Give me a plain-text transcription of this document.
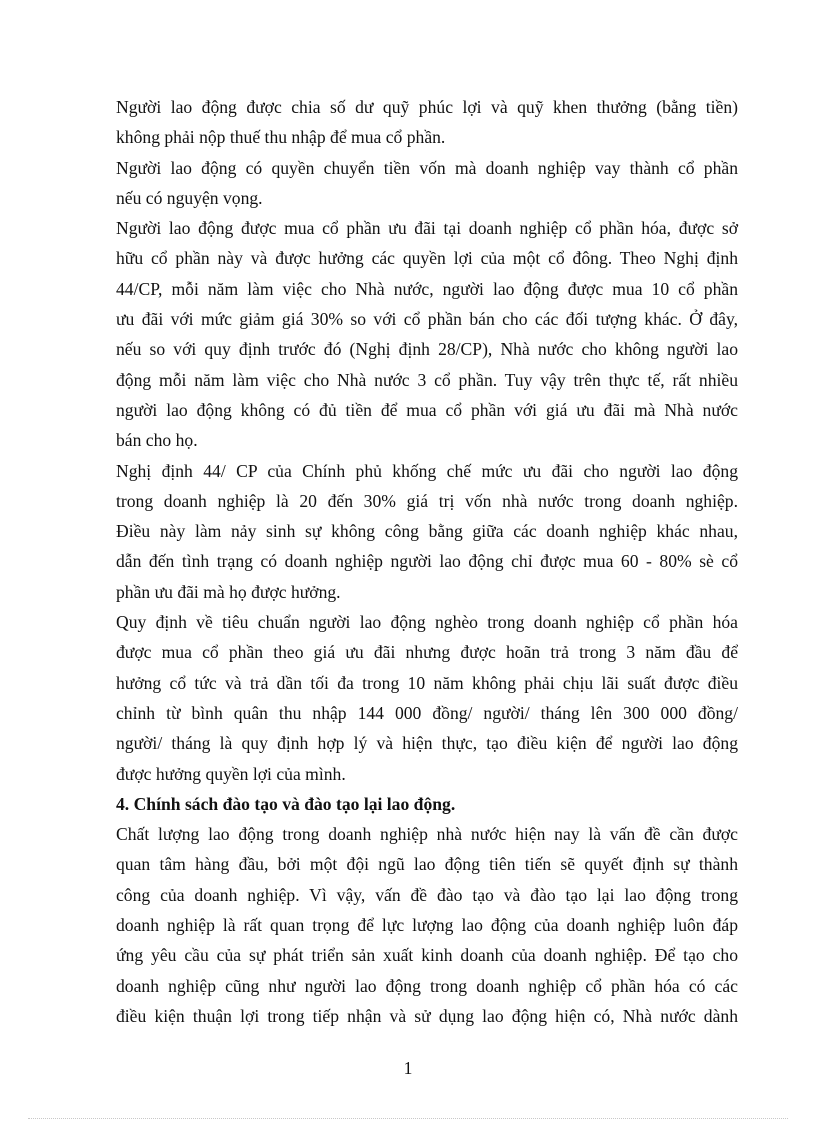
Người lao động được chia số dư quỹ phúc lợi và quỹ khen thưởng (bằng tiền)
không phải nộp thuế thu nhập để mua cổ phần.

Người lao động có quyền chuyển tiền vốn mà doanh nghiệp vay thành cổ phần
nếu có nguyện vọng.

Người lao động được mua cổ phần ưu đãi tại doanh nghiệp cổ phần hóa, được sở
hữu cổ phần này và được hưởng các quyền lợi của một cổ đông. Theo Nghị định
44/CP, mỗi năm làm việc cho Nhà nước, người lao động được mua 10 cổ phần
ưu đãi với mức giảm giá 30% so với cổ phần bán cho các đối tượng khác. Ở đây,
nếu so với quy định trước đó (Nghị định 28/CP), Nhà nước cho không người lao
động mỗi năm làm việc cho Nhà nước 3 cổ phần. Tuy vậy trên thực tế, rất nhiều
người lao động không có đủ tiền để mua cổ phần với giá ưu đãi mà Nhà nước
bán cho họ.

Nghị định 44/ CP của Chính phủ khống chế mức ưu đãi cho người lao động
trong doanh nghiệp là 20 đến 30% giá trị vốn nhà nước trong doanh nghiệp.
Điều này làm nảy sinh sự không công bằng giữa các doanh nghiệp khác nhau,
dẫn đến tình trạng có doanh nghiệp người lao động chỉ được mua 60 - 80% sè cổ
phần ưu đãi mà họ được hưởng.

Quy định về tiêu chuẩn người lao động nghèo trong doanh nghiệp cổ phần hóa
được mua cổ phần theo giá ưu đãi nhưng được hoãn trả trong 3 năm đầu để
hưởng cổ tức và trả dần tối đa trong 10 năm không phải chịu lãi suất được điều
chỉnh từ bình quân thu nhập 144 000 đồng/ người/ tháng lên 300 000 đồng/
người/ tháng là quy định hợp lý và hiện thực, tạo điều kiện để người lao động
được hưởng quyền lợi của mình.

4. Chính sách đào tạo và đào tạo lại lao động.

Chất lượng lao động trong doanh nghiệp nhà nước hiện nay là vấn đề cần được
quan tâm hàng đầu, bởi một đội ngũ lao động tiên tiến sẽ quyết định sự thành
công của doanh nghiệp. Vì vậy, vấn đề đào tạo và đào tạo lại lao động trong
doanh nghiệp là rất quan trọng để lực lượng lao động của doanh nghiệp luôn đáp
ứng yêu cầu của sự phát triển sản xuất kinh doanh của doanh nghiệp. Để tạo cho
doanh nghiệp cũng như người lao động trong doanh nghiệp cổ phần hóa có các
điều kiện thuận lợi trong tiếp nhận và sử dụng lao động hiện có, Nhà nước dành

1
